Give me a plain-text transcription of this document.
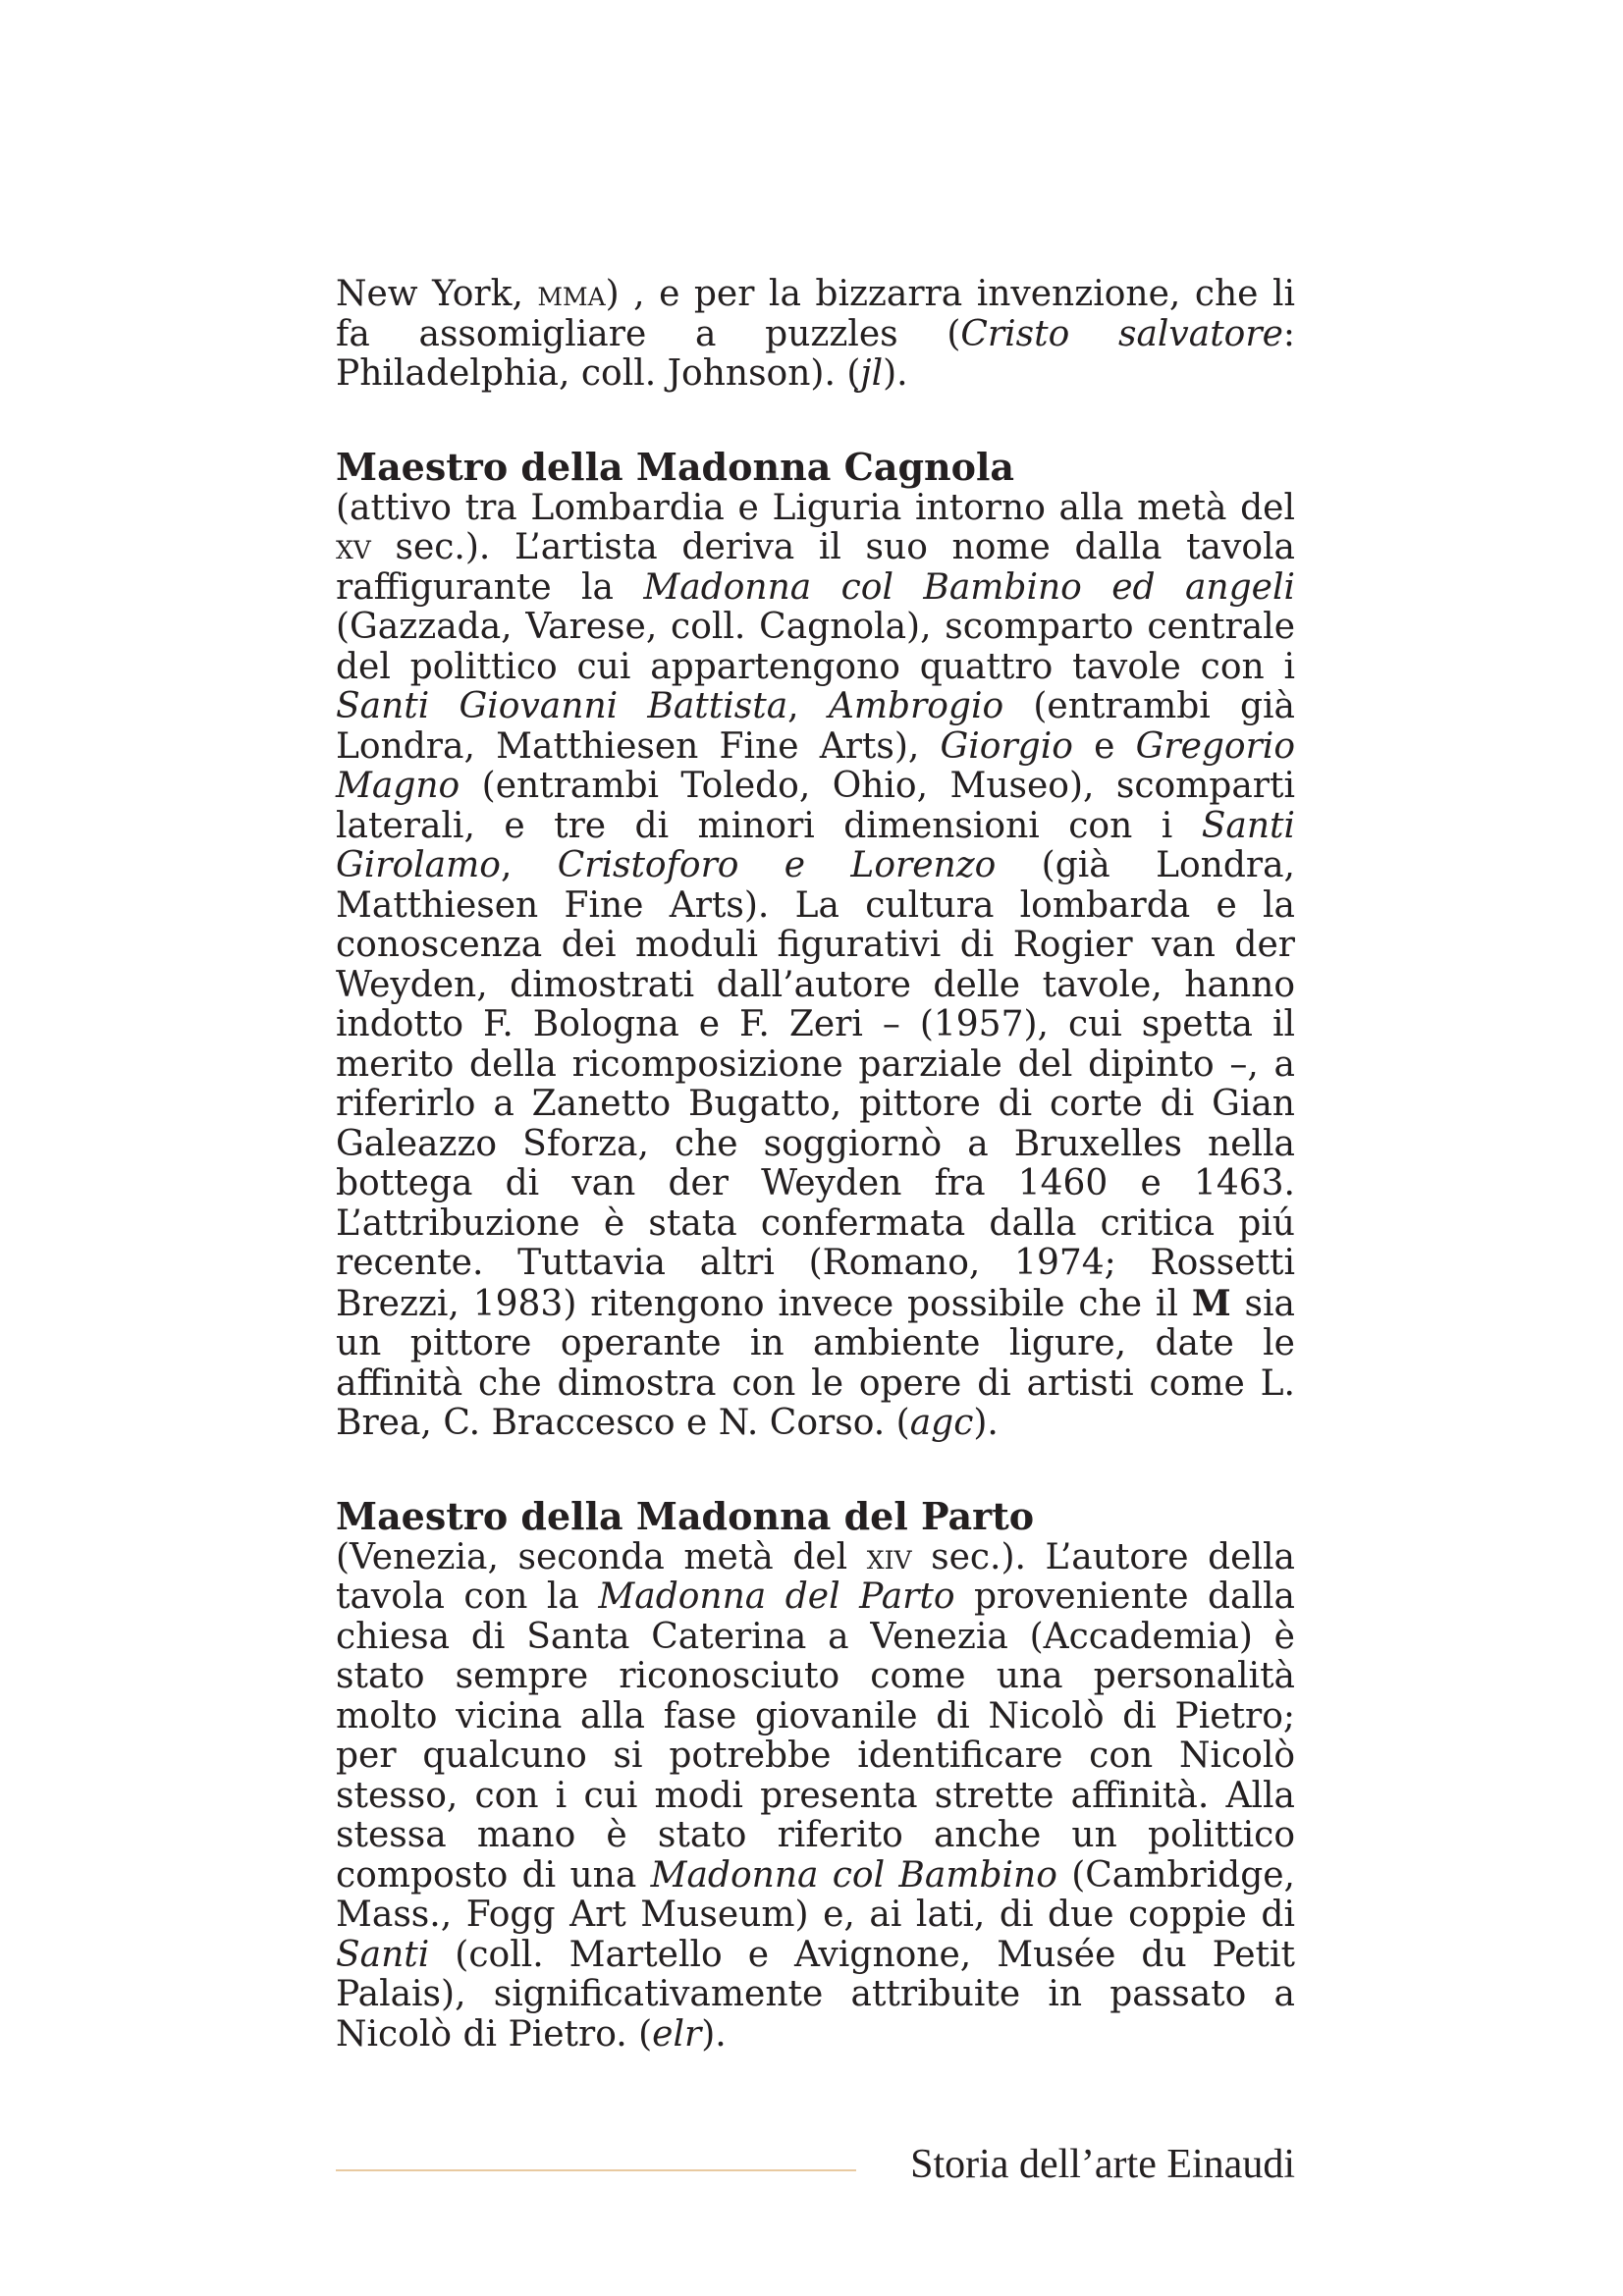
New York, mma) , e per la bizzarra invenzione, che li fa assomigliare a puzzles (Cristo salvatore: Philadelphia, coll. Johnson). (jl).

Maestro della Madonna Cagnola

(attivo tra Lombardia e Liguria intorno alla metà del xv sec.). L’artista deriva il suo nome dalla tavola raffigurante la Madonna col Bambino ed angeli (Gazzada, Varese, coll. Cagnola), scomparto centrale del polittico cui appartengono quattro tavole con i Santi Giovanni Battista, Ambrogio (entrambi già Londra, Matthiesen Fine Arts), Giorgio e Gregorio Magno (entrambi Toledo, Ohio, Museo), scomparti laterali, e tre di minori dimensioni con i Santi Girolamo, Cristoforo e Lorenzo (già Londra, Matthiesen Fine Arts). La cultura lombarda e la conoscenza dei moduli figurativi di Rogier van der Weyden, dimostrati dall’autore delle tavole, hanno indotto F. Bologna e F. Zeri – (1957), cui spetta il merito della ricomposizione parziale del dipinto –, a riferirlo a Zanetto Bugatto, pittore di corte di Gian Galeazzo Sforza, che soggiornò a Bruxelles nella bottega di van der Weyden fra 1460 e 1463. L’attribuzione è stata confermata dalla critica piú recente. Tuttavia altri (Romano, 1974; Rossetti Brezzi, 1983) ritengono invece possibile che il M sia un pittore operante in ambiente ligure, date le affinità che dimostra con le opere di artisti come L. Brea, C. Braccesco e N. Corso. (agc).

Maestro della Madonna del Parto

(Venezia, seconda metà del xiv sec.). L’autore della tavola con la Madonna del Parto proveniente dalla chiesa di Santa Caterina a Venezia (Accademia) è stato sempre riconosciuto come una personalità molto vicina alla fase giovanile di Nicolò di Pietro; per qualcuno si potrebbe identificare con Nicolò stesso, con i cui modi presenta strette affinità. Alla stessa mano è stato riferito anche un polittico composto di una Madonna col Bambino (Cambridge, Mass., Fogg Art Museum) e, ai lati, di due coppie di Santi (coll. Martello e Avignone, Musée du Petit Palais), significativamente attribuite in passato a Nicolò di Pietro. (elr).

Storia dell’arte Einaudi
